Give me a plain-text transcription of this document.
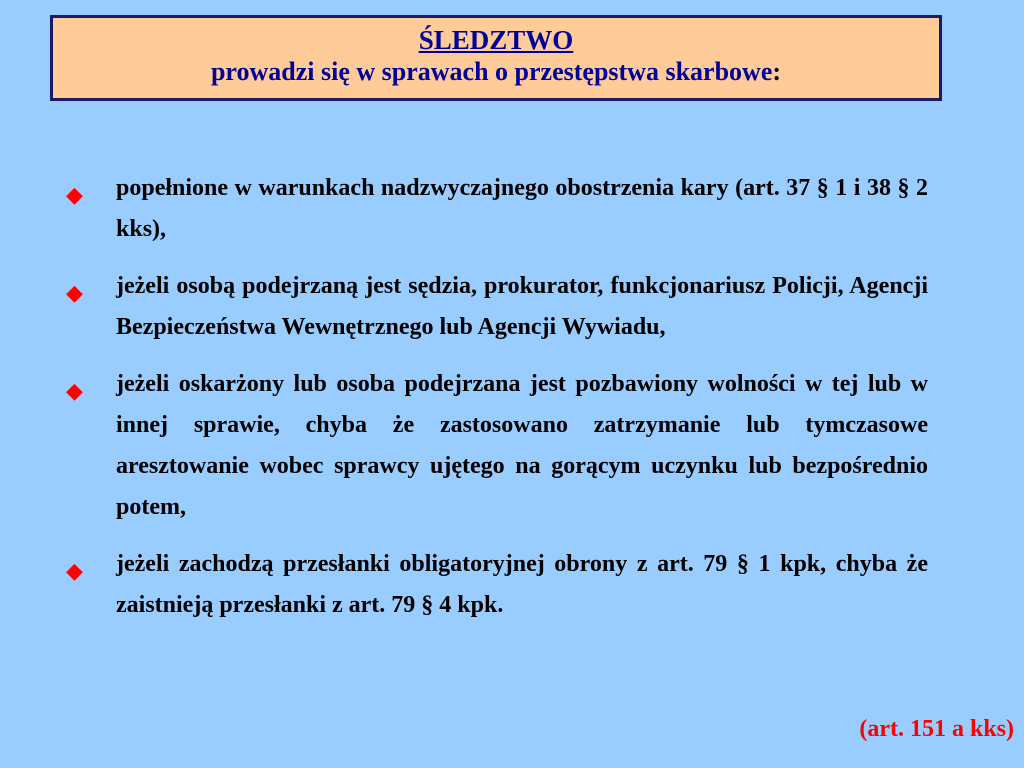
ŚLEDZTWO
prowadzi się w sprawach o przestępstwa skarbowe:
◆ popełnione w warunkach nadzwyczajnego obostrzenia kary (art. 37 § 1 i 38 § 2 kks),
◆ jeżeli osobą podejrzaną jest sędzia, prokurator, funkcjonariusz Policji, Agencji Bezpieczeństwa Wewnętrznego lub Agencji Wywiadu,
◆ jeżeli oskarżony lub osoba podejrzana jest pozbawiony wolności w tej lub w innej sprawie, chyba że zastosowano zatrzymanie lub tymczasowe aresztowanie wobec sprawcy ujętego na gorącym uczynku lub bezpośrednio potem,
◆ jeżeli zachodzą przesłanki obligatoryjnej obrony z art. 79 § 1 kpk, chyba że zaistnieją przesłanki z art. 79 § 4 kpk.
(art. 151 a kks)
